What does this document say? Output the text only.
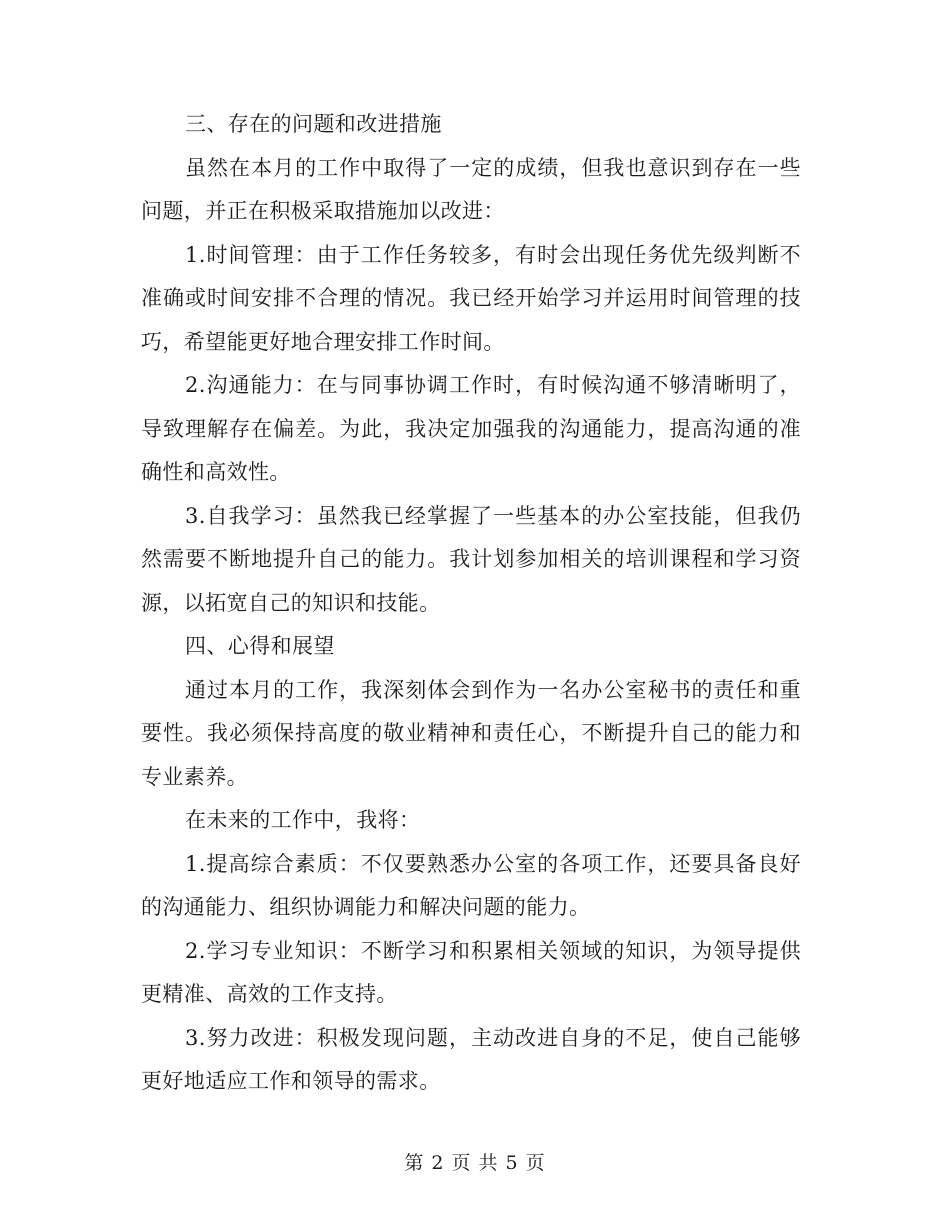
三、存在的问题和改进措施

虽然在本月的工作中取得了一定的成绩，但我也意识到存在一些问题，并正在积极采取措施加以改进：

1.时间管理：由于工作任务较多，有时会出现任务优先级判断不准确或时间安排不合理的情况。我已经开始学习并运用时间管理的技巧，希望能更好地合理安排工作时间。

2.沟通能力：在与同事协调工作时，有时候沟通不够清晰明了，导致理解存在偏差。为此，我决定加强我的沟通能力，提高沟通的准确性和高效性。

3.自我学习：虽然我已经掌握了一些基本的办公室技能，但我仍然需要不断地提升自己的能力。我计划参加相关的培训课程和学习资源，以拓宽自己的知识和技能。

四、心得和展望

通过本月的工作，我深刻体会到作为一名办公室秘书的责任和重要性。我必须保持高度的敬业精神和责任心，不断提升自己的能力和专业素养。

在未来的工作中，我将：

1.提高综合素质：不仅要熟悉办公室的各项工作，还要具备良好的沟通能力、组织协调能力和解决问题的能力。

2.学习专业知识：不断学习和积累相关领域的知识，为领导提供更精准、高效的工作支持。

3.努力改进：积极发现问题，主动改进自身的不足，使自己能够更好地适应工作和领导的需求。

第 2 页 共 5 页
